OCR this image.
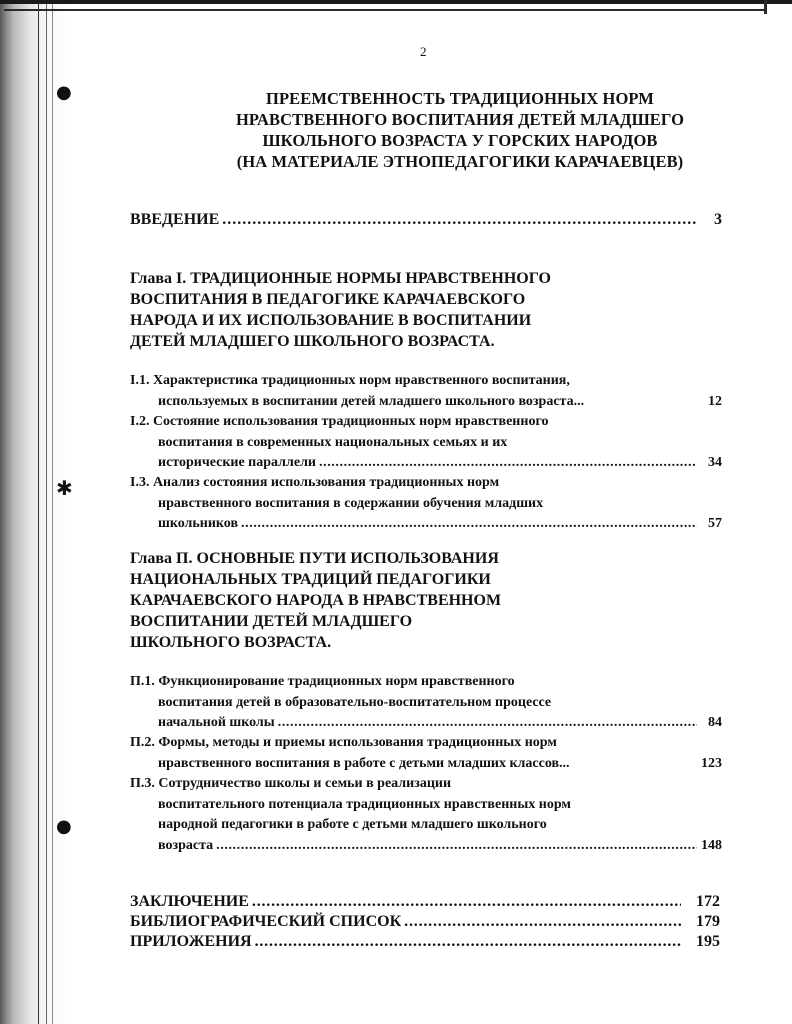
●
✱
●
2
ПРЕЕМСТВЕННОСТЬ ТРАДИЦИОННЫХ НОРМ
НРАВСТВЕННОГО ВОСПИТАНИЯ ДЕТЕЙ МЛАДШЕГО
ШКОЛЬНОГО ВОЗРАСТА У ГОРСКИХ НАРОДОВ
(НА МАТЕРИАЛЕ ЭТНОПЕДАГОГИКИ КАРАЧАЕВЦЕВ)
ВВЕДЕНИЕ .....	3
Глава I. ТРАДИЦИОННЫЕ НОРМЫ НРАВСТВЕННОГО
ВОСПИТАНИЯ В ПЕДАГОГИКЕ КАРАЧАЕВСКОГО
НАРОДА И ИХ ИСПОЛЬЗОВАНИЕ В ВОСПИТАНИИ
ДЕТЕЙ МЛАДШЕГО ШКОЛЬНОГО ВОЗРАСТА.
I.1. Характеристика традиционных норм нравственного воспитания,
используемых в воспитании детей младшего школьного возраста.. .....	12
I.2. Состояние использования традиционных норм нравственного
воспитания в современных национальных семьях и их
исторические параллели .....	34
I.3. Анализ состояния использования традиционных норм
нравственного воспитания в содержании обучения младших
школьников .....	57
Глава П. ОСНОВНЫЕ ПУТИ ИСПОЛЬЗОВАНИЯ
НАЦИОНАЛЬНЫХ ТРАДИЦИЙ ПЕДАГОГИКИ
КАРАЧАЕВСКОГО НАРОДА В НРАВСТВЕННОМ
ВОСПИТАНИИ ДЕТЕЙ МЛАДШЕГО
ШКОЛЬНОГО ВОЗРАСТА.
П.1. Функционирование традиционных норм нравственного
воспитания детей в образовательно-воспитательном процессе
начальной школы .....	84
П.2. Формы, методы и приемы использования традиционных норм
нравственного воспитания в работе с детьми младших классов.. .....	123
П.3. Сотрудничество школы и семьи в реализации
воспитательного потенциала традиционных нравственных норм
народной педагогики в работе с детьми младшего школьного
возраста .....	148
ЗАКЛЮЧЕНИЕ .....	172
БИБЛИОГРАФИЧЕСКИЙ СПИСОК .....	179
ПРИЛОЖЕНИЯ .....	195
